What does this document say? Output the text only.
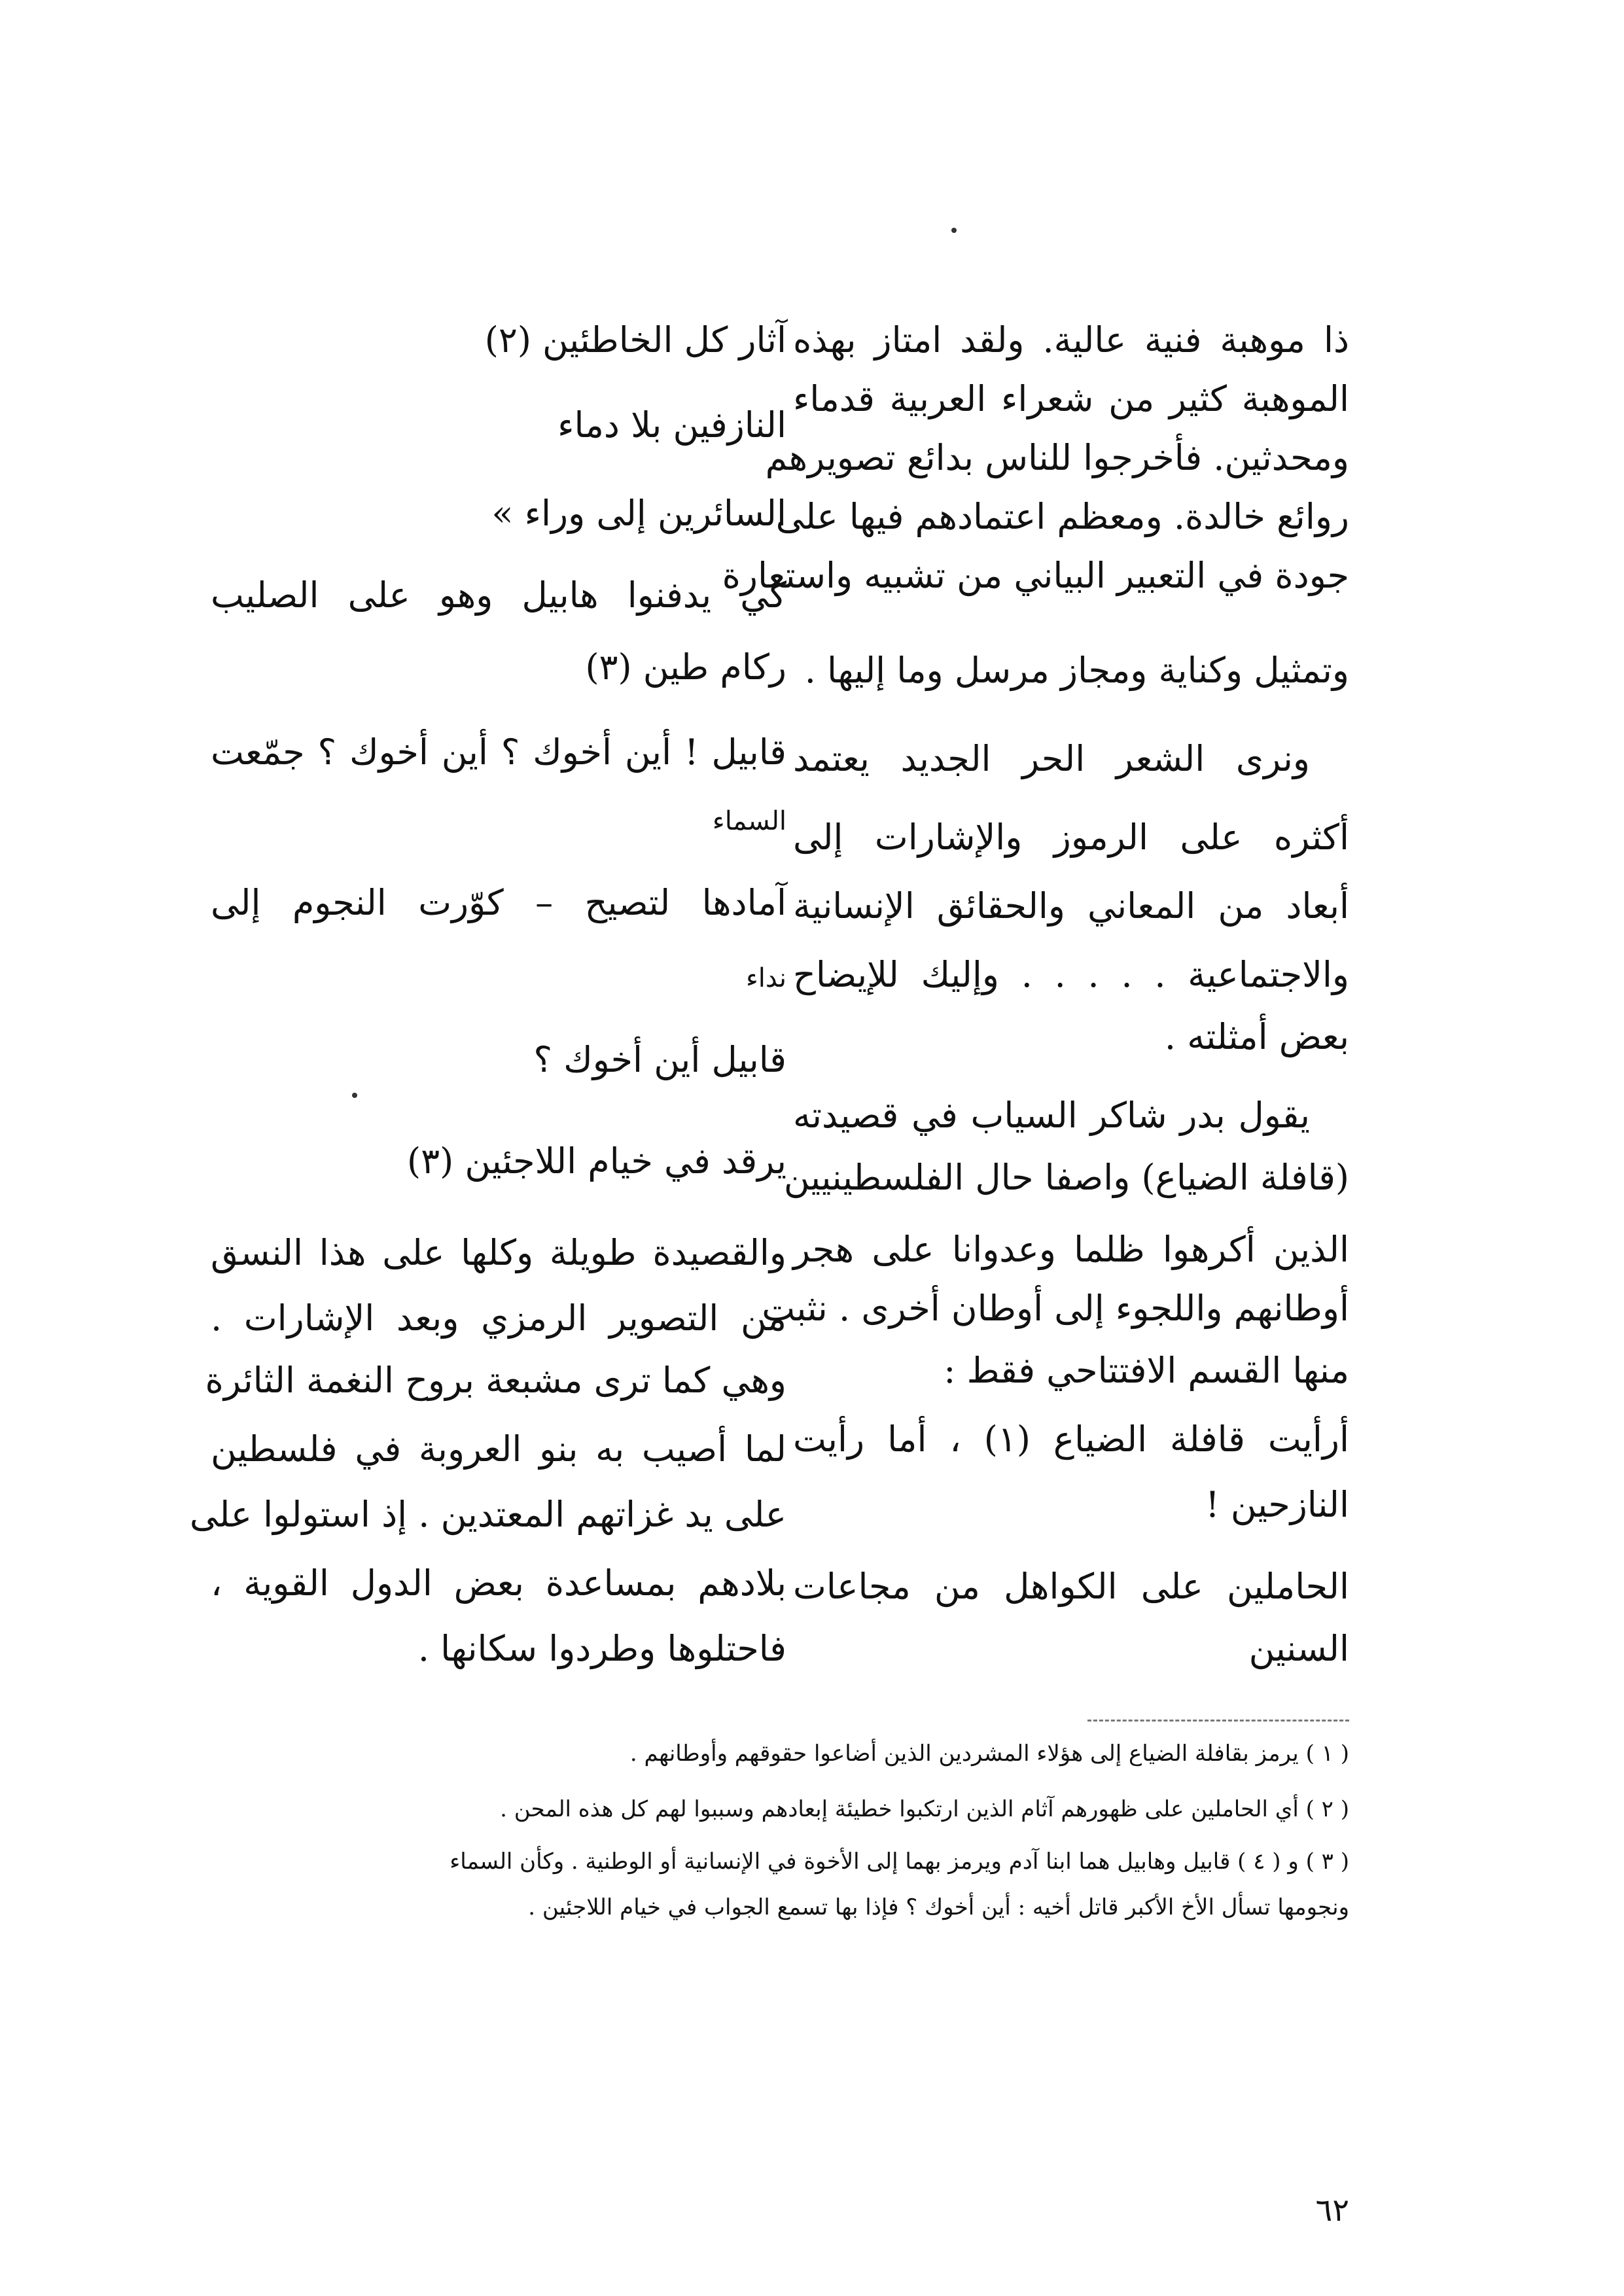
ذا موهبة فنية عالية. ولقد امتاز بهذه
الموهبة كثير من شعراء العربية قدماء
ومحدثين. فأخرجوا للناس بدائع تصويرهم
روائع خالدة. ومعظم اعتمادهم فيها على
جودة في التعبير البياني من تشبيه واستعارة
وتمثيل وكناية ومجاز مرسل وما إليها .
ونرى الشعر الحر الجديد يعتمد
أكثره على الرموز والإشارات إلى
أبعاد من المعاني والحقائق الإنسانية
والاجتماعية . . . . . وإليك للإيضاح
بعض أمثلته .
يقول بدر شاكر السياب في قصيدته
(قافلة الضياع) واصفا حال الفلسطينيين
الذين أكرهوا ظلما وعدوانا على هجر
أوطانهم واللجوء إلى أوطان أخرى . نثبت
منها القسم الافتتاحي فقط :
أرأيت قافلة الضياع (١) ، أما رأيت
النازحين !
الحاملين على الكواهل من مجاعات
السنين
آثار كل الخاطئين (٢)
النازفين بلا دماء
السائرين إلى وراء »
كي يدفنوا هابيل وهو على الصليب
ركام طين (٣)
قابيل ! أين أخوك ؟ أين أخوك ؟ جمّعت
السماء
آمادها لتصيح – كوّرت النجوم إلى
نداء
قابيل أين أخوك ؟
يرقد في خيام اللاجئين (٣)
والقصيدة طويلة وكلها على هذا النسق
من التصوير الرمزي وبعد الإشارات .
وهي كما ترى مشبعة بروح النغمة الثائرة
لما أصيب به بنو العروبة في فلسطين
على يد غزاتهم المعتدين . إذ استولوا على
بلادهم بمساعدة بعض الدول القوية ،
فاحتلوها وطردوا سكانها .
( ١ ) يرمز بقافلة الضياع إلى هؤلاء المشردين الذين أضاعوا حقوقهم وأوطانهم .
( ٢ ) أي الحاملين على ظهورهم آثام الذين ارتكبوا خطيئة إبعادهم وسببوا لهم كل هذه المحن .
( ٣ ) و ( ٤ ) قابيل وهابيل هما ابنا آدم ويرمز بهما إلى الأخوة في الإنسانية أو الوطنية . وكأن السماء
ونجومها تسأل الأخ الأكبر قاتل أخيه : أين أخوك ؟ فإذا بها تسمع الجواب في خيام اللاجئين .
٦٢
